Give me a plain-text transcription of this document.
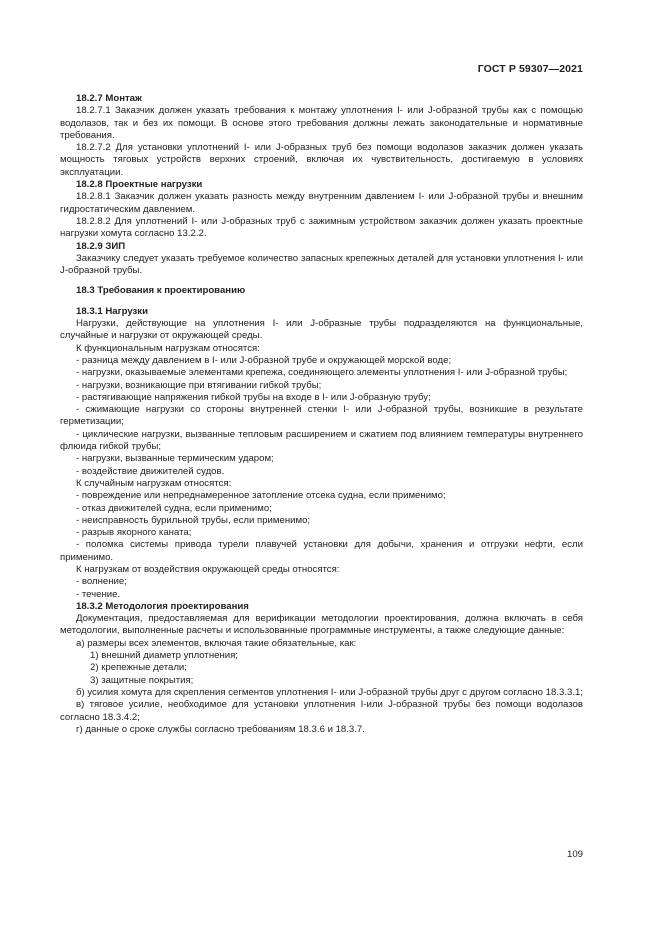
ГОСТ Р 59307—2021

18.2.7 Монтаж

18.2.7.1 Заказчик должен указать требования к монтажу уплотнения I- или J-образной трубы как с помощью водолазов, так и без их помощи. В основе этого требования должны лежать законодательные и нормативные требования.

18.2.7.2 Для установки уплотнений I- или J-образных труб без помощи водолазов заказчик должен указать мощность тяговых устройств верхних строений, включая их чувствительность, достигаемую в условиях эксплуатации.

18.2.8 Проектные нагрузки

18.2.8.1 Заказчик должен указать разность между внутренним давлением I- или J-образной трубы и внешним гидростатическим давлением.

18.2.8.2 Для уплотнений I- или J-образных труб с зажимным устройством заказчик должен указать проектные нагрузки хомута согласно 13.2.2.

18.2.9 ЗИП

Заказчику следует указать требуемое количество запасных крепежных деталей для установки уплотнения I- или J-образной трубы.

18.3 Требования к проектированию

18.3.1 Нагрузки

Нагрузки, действующие на уплотнения I- или J-образные трубы подразделяются на функциональные, случайные и нагрузки от окружающей среды.

К функциональным нагрузкам относятся:

- разница между давлением в I- или J-образной трубе и окружающей морской воде;

- нагрузки, оказываемые элементами крепежа, соединяющего элементы уплотнения I- или J-образной трубы;

- нагрузки, возникающие при втягивании гибкой трубы;

- растягивающие напряжения гибкой трубы на входе в I- или J-образную трубу;

- сжимающие нагрузки со стороны внутренней стенки I- или J-образной трубы, возникшие в результате герметизации;

- циклические нагрузки, вызванные тепловым расширением и сжатием под влиянием температуры внутреннего флюида гибкой трубы;

- нагрузки, вызванные термическим ударом;

- воздействие движителей судов.

К случайным нагрузкам относятся:

- повреждение или непреднамеренное затопление отсека судна, если применимо;

- отказ движителей судна, если применимо;

- неисправность бурильной трубы, если применимо;

- разрыв якорного каната;

- поломка системы привода турели плавучей установки для добычи, хранения и отгрузки нефти, если применимо.

К нагрузкам от воздействия окружающей среды относятся:

- волнение;

- течение.

18.3.2 Методология проектирования

Документация, предоставляемая для верификации методологии проектирования, должна включать в себя методологии, выполненные расчеты и использованные программные инструменты, а также следующие данные:

а) размеры всех элементов, включая такие обязательные, как:

1) внешний диаметр уплотнения;

2) крепежные детали;

3) защитные покрытия;

б) усилия хомута для скрепления сегментов уплотнения I- или J-образной трубы друг с другом согласно 18.3.3.1;

в) тяговое усилие, необходимое для установки уплотнения I-или J-образной трубы без помощи водолазов согласно 18.3.4.2;

г) данные о сроке службы согласно требованиям 18.3.6 и 18.3.7.

109
